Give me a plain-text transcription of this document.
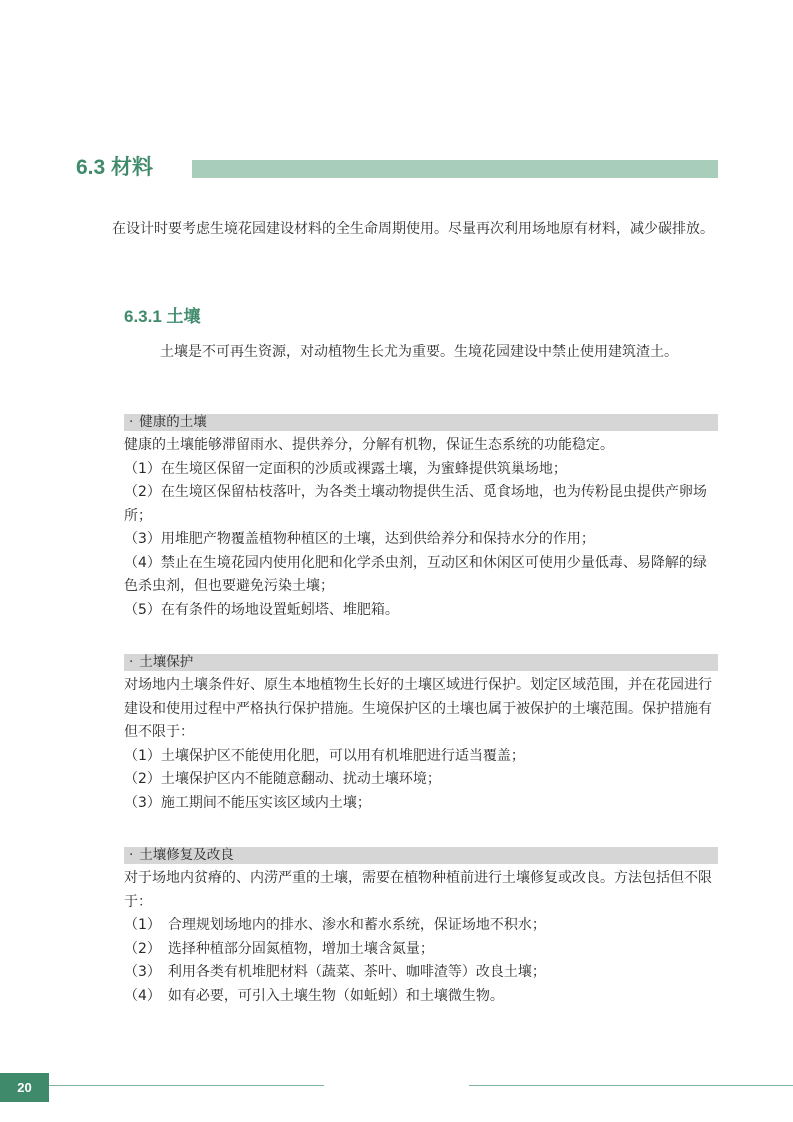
6.3 材料

在设计时要考虑生境花园建设材料的全生命周期使用。尽量再次利用场地原有材料，减少碳排放。

6.3.1 土壤

土壤是不可再生资源，对动植物生长尤为重要。生境花园建设中禁止使用建筑渣土。

· 健康的土壤

健康的土壤能够滞留雨水、提供养分，分解有机物，保证生态系统的功能稳定。

（1）在生境区保留一定面积的沙质或裸露土壤，为蜜蜂提供筑巢场地；

（2）在生境区保留枯枝落叶，为各类土壤动物提供生活、觅食场地，也为传粉昆虫提供产卵场所；

（3）用堆肥产物覆盖植物种植区的土壤，达到供给养分和保持水分的作用；

（4）禁止在生境花园内使用化肥和化学杀虫剂，互动区和休闲区可使用少量低毒、易降解的绿色杀虫剂，但也要避免污染土壤；

（5）在有条件的场地设置蚯蚓塔、堆肥箱。

· 土壤保护

对场地内土壤条件好、原生本地植物生长好的土壤区域进行保护。划定区域范围，并在花园进行建设和使用过程中严格执行保护措施。生境保护区的土壤也属于被保护的土壤范围。保护措施有但不限于：

（1）土壤保护区不能使用化肥，可以用有机堆肥进行适当覆盖；

（2）土壤保护区内不能随意翻动、扰动土壤环境；

（3）施工期间不能压实该区域内土壤；

· 土壤修复及改良

对于场地内贫瘠的、内涝严重的土壤，需要在植物种植前进行土壤修复或改良。方法包括但不限于：

（1）　合理规划场地内的排水、渗水和蓄水系统，保证场地不积水；

（2）　选择种植部分固氮植物，增加土壤含氮量；

（3）　利用各类有机堆肥材料（蔬菜、茶叶、咖啡渣等）改良土壤；

（4）　如有必要，可引入土壤生物（如蚯蚓）和土壤微生物。

20
